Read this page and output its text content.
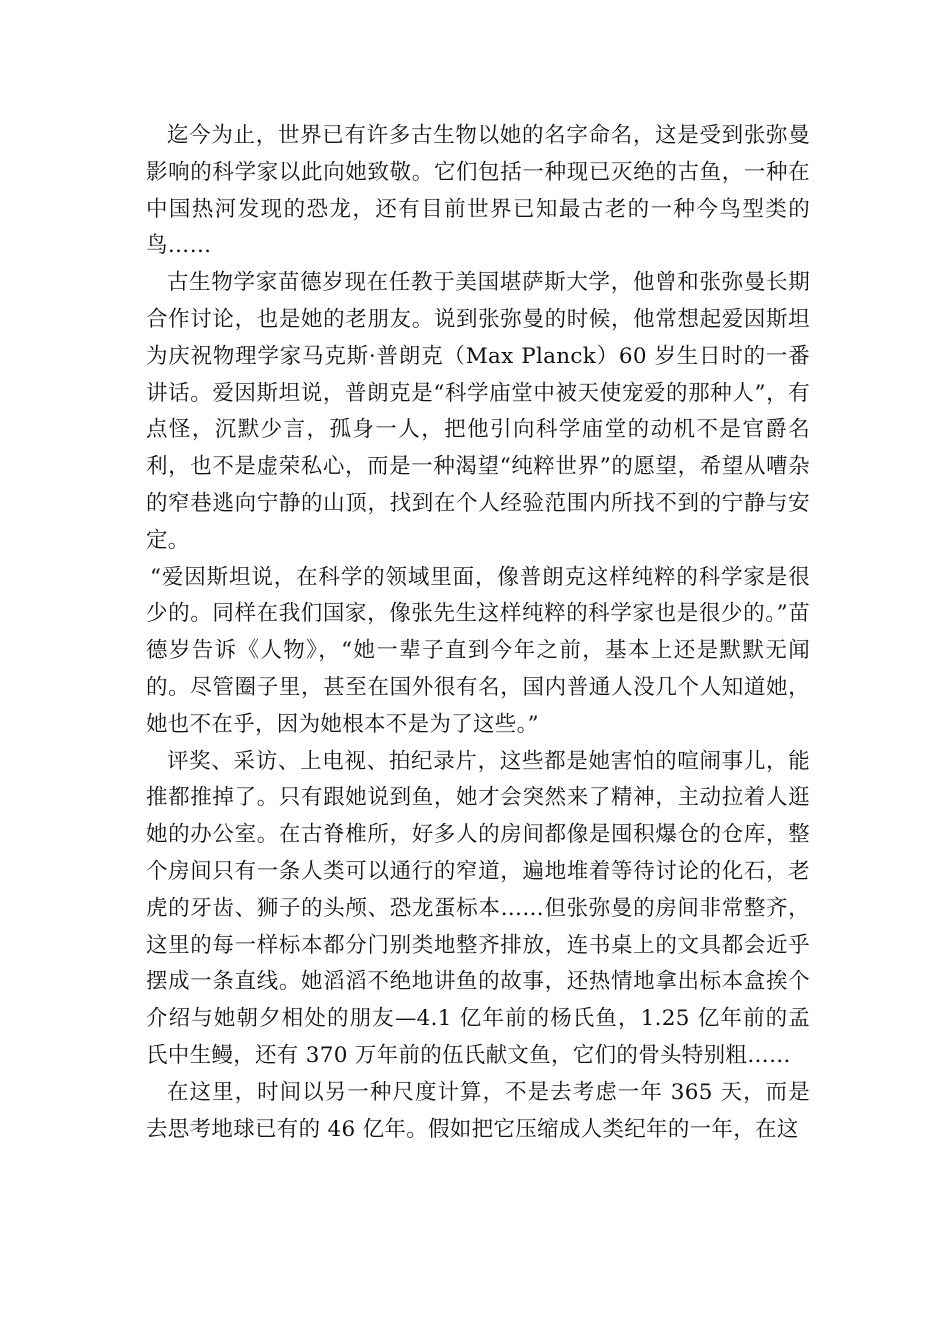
迄今为止，世界已有许多古生物以她的名字命名，这是受到张弥曼影响的科学家以此向她致敬。它们包括一种现已灭绝的古鱼，一种在中国热河发现的恐龙，还有目前世界已知最古老的一种今鸟型类的鸟……

古生物学家苗德岁现在任教于美国堪萨斯大学，他曾和张弥曼长期合作讨论，也是她的老朋友。说到张弥曼的时候，他常想起爱因斯坦为庆祝物理学家马克斯·普朗克（Max Planck）60 岁生日时的一番讲话。爱因斯坦说，普朗克是“科学庙堂中被天使宠爱的那种人”，有点怪，沉默少言，孤身一人，把他引向科学庙堂的动机不是官爵名利，也不是虚荣私心，而是一种渴望“纯粹世界”的愿望，希望从嘈杂的窄巷逃向宁静的山顶，找到在个人经验范围内所找不到的宁静与安定。

“爱因斯坦说，在科学的领域里面，像普朗克这样纯粹的科学家是很少的。同样在我们国家，像张先生这样纯粹的科学家也是很少的。”苗德岁告诉《人物》，“她一辈子直到今年之前，基本上还是默默无闻的。尽管圈子里，甚至在国外很有名，国内普通人没几个人知道她，她也不在乎，因为她根本不是为了这些。”

评奖、采访、上电视、拍纪录片，这些都是她害怕的喧闹事儿，能推都推掉了。只有跟她说到鱼，她才会突然来了精神，主动拉着人逛她的办公室。在古脊椎所，好多人的房间都像是囤积爆仓的仓库，整个房间只有一条人类可以通行的窄道，遍地堆着等待讨论的化石，老虎的牙齿、狮子的头颅、恐龙蛋标本……但张弥曼的房间非常整齐，这里的每一样标本都分门别类地整齐排放，连书桌上的文具都会近乎摆成一条直线。她滔滔不绝地讲鱼的故事，还热情地拿出标本盒挨个介绍与她朝夕相处的朋友—4.1 亿年前的杨氏鱼，1.25 亿年前的孟氏中生鳗，还有 370 万年前的伍氏献文鱼，它们的骨头特别粗……

在这里，时间以另一种尺度计算，不是去考虑一年 365 天，而是去思考地球已有的 46 亿年。假如把它压缩成人类纪年的一年，在这
